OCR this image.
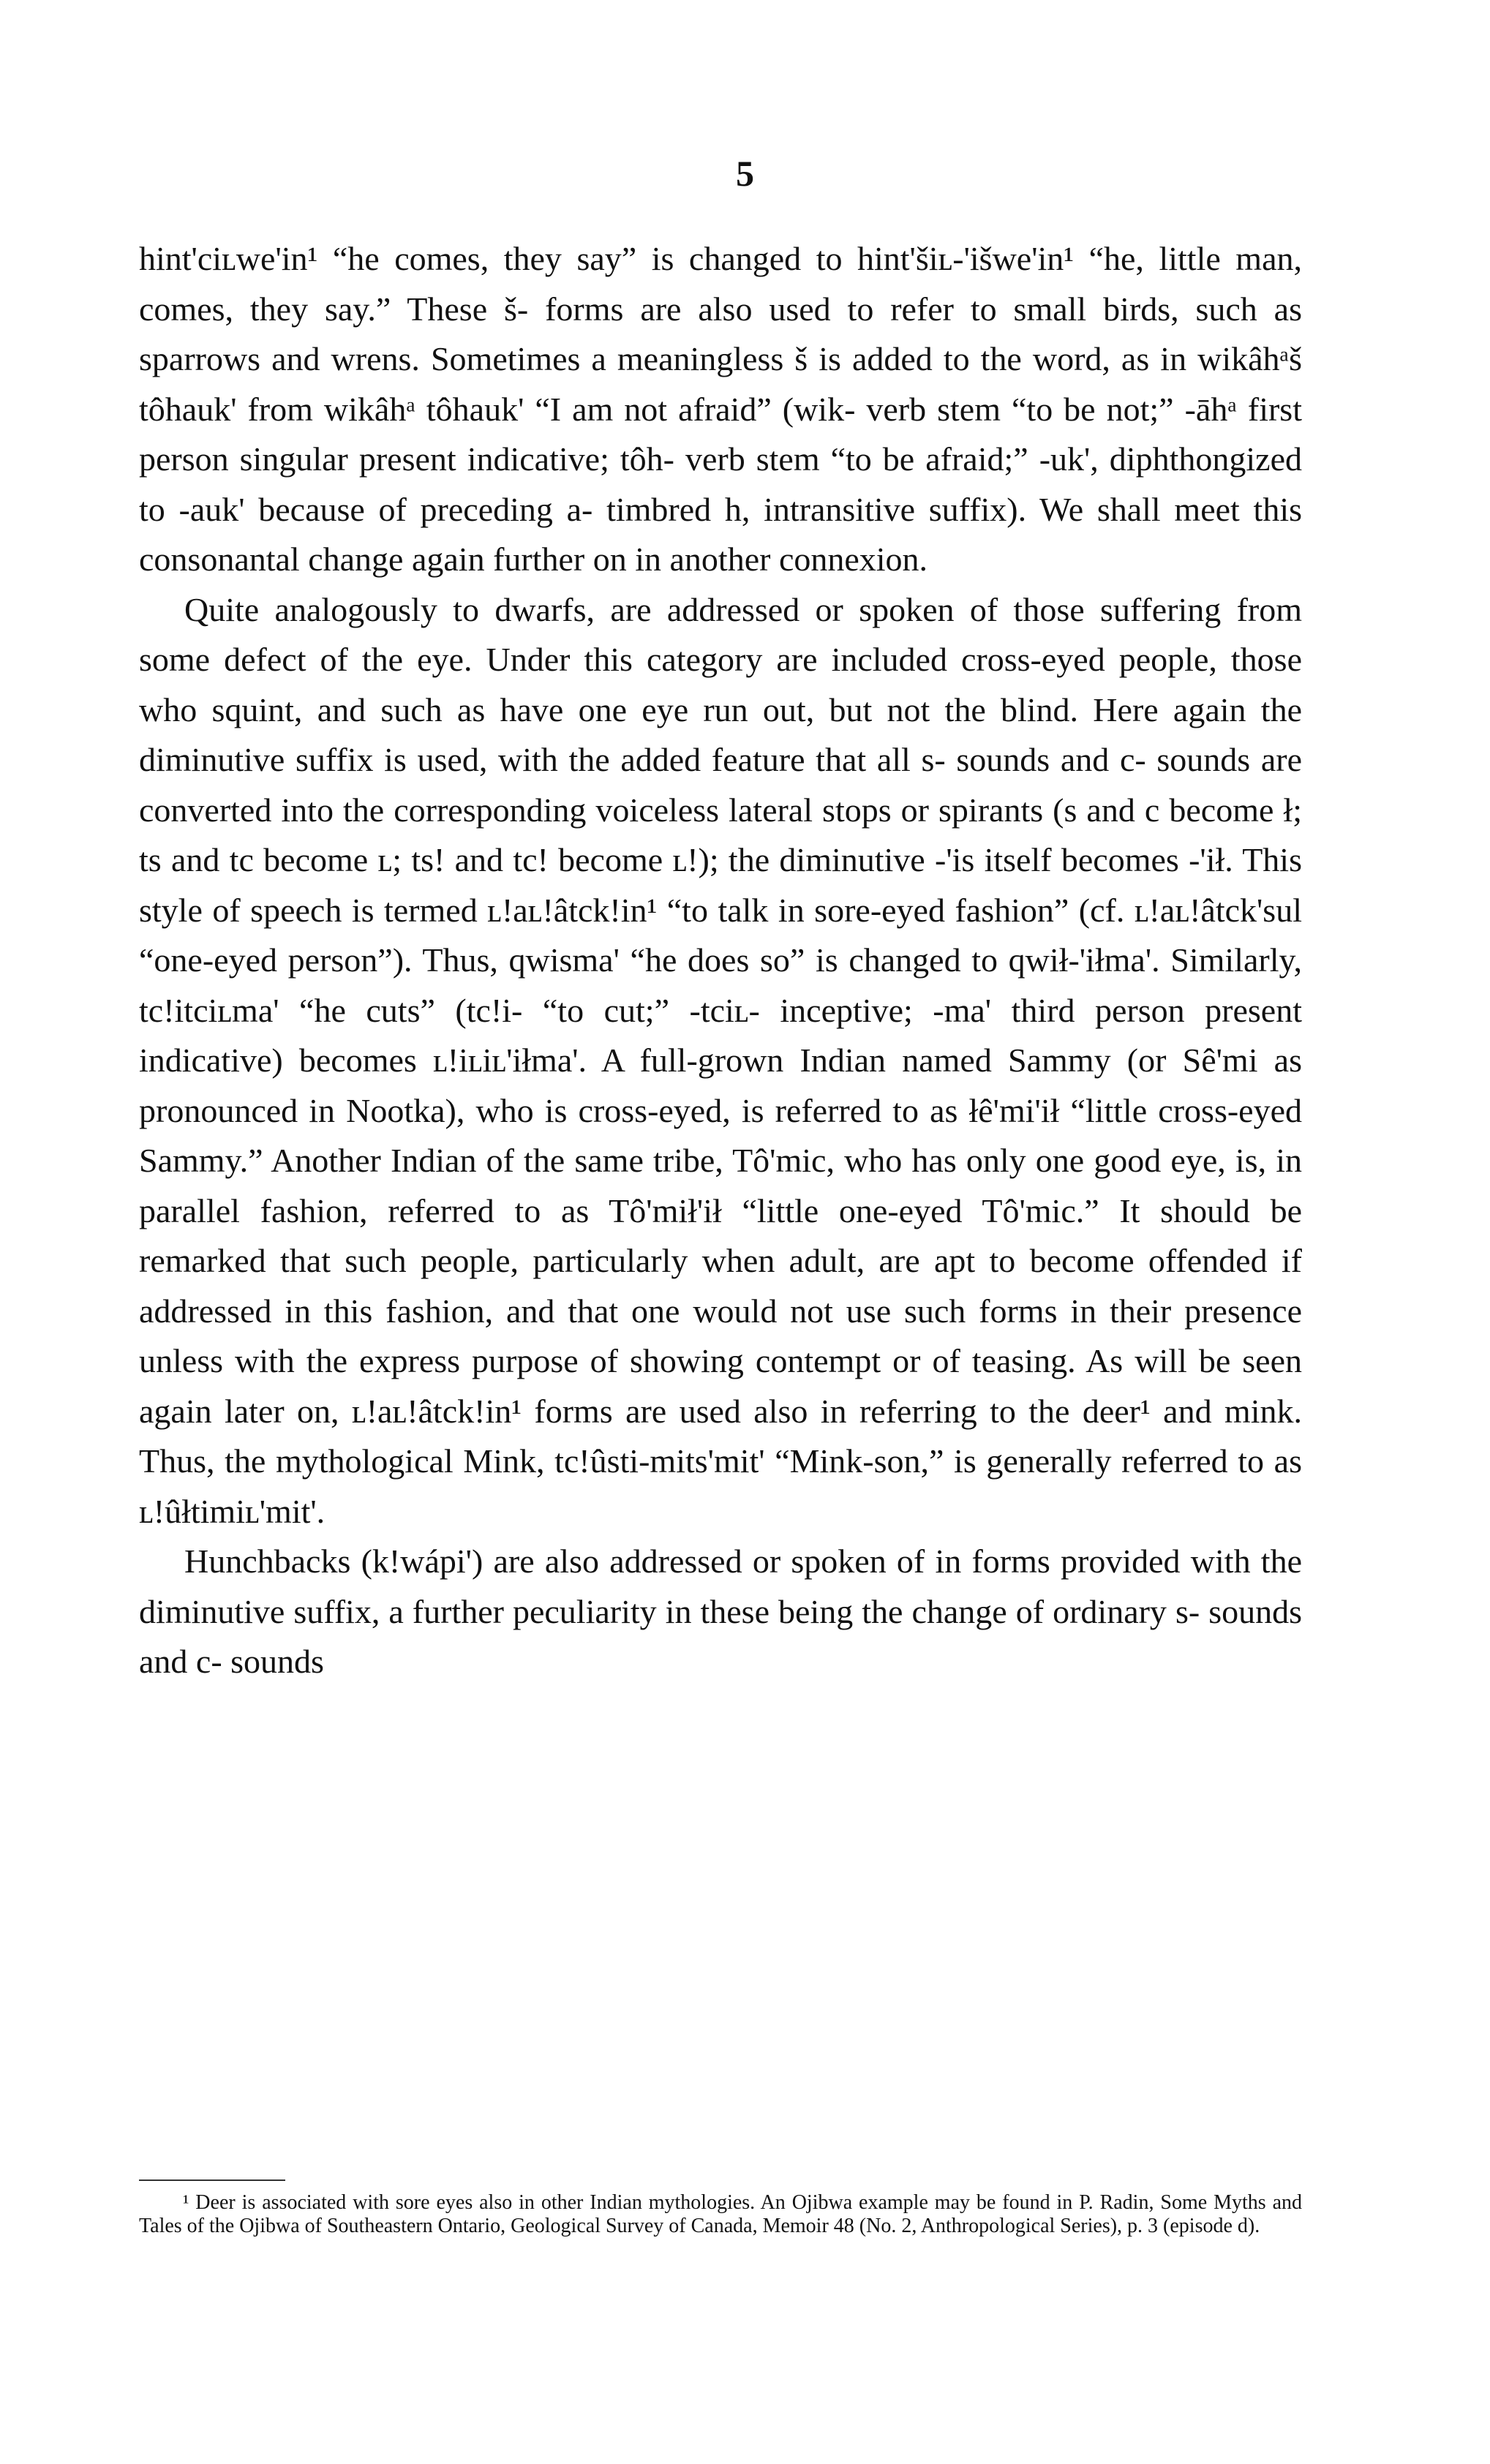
5

hint'ciʟwe'in¹ “he comes, they say” is changed to hint'šiʟ-'išwe'in¹ “he, little man, comes, they say.” These š- forms are also used to refer to small birds, such as sparrows and wrens. Sometimes a meaningless š is added to the word, as in wikâhᵃš tôhauk' from wikâhᵃ tôhauk' “I am not afraid” (wik- verb stem “to be not;” -āhᵃ first person singular present indicative; tôh- verb stem “to be afraid;” -uk', diphthongized to -auk' because of preceding a- timbred h, intransitive suffix). We shall meet this consonantal change again further on in another connexion.

Quite analogously to dwarfs, are addressed or spoken of those suffering from some defect of the eye. Under this category are included cross-eyed people, those who squint, and such as have one eye run out, but not the blind. Here again the diminutive suffix is used, with the added feature that all s- sounds and c- sounds are converted into the corresponding voiceless lateral stops or spirants (s and c become ł; ts and tc become ʟ; ts! and tc! become ʟ!); the diminutive -'is itself becomes -'ił. This style of speech is termed ʟ!aʟ!âtck!in¹ “to talk in sore-eyed fashion” (cf. ʟ!aʟ!âtck'sul “one-eyed person”). Thus, qwisma' “he does so” is changed to qwił-'iłma'. Similarly, tc!itciʟma' “he cuts” (tc!i- “to cut;” -tciʟ- inceptive; -ma' third person present indicative) becomes ʟ!iʟiʟ'iłma'. A full-grown Indian named Sammy (or Sê'mi as pronounced in Nootka), who is cross-eyed, is referred to as łê'mi'ił “little cross-eyed Sammy.” Another Indian of the same tribe, Tô'mic, who has only one good eye, is, in parallel fashion, referred to as Tô'mił'ił “little one-eyed Tô'mic.” It should be remarked that such people, particularly when adult, are apt to become offended if addressed in this fashion, and that one would not use such forms in their presence unless with the express purpose of showing contempt or of teasing. As will be seen again later on, ʟ!aʟ!âtck!in¹ forms are used also in referring to the deer¹ and mink. Thus, the mythological Mink, tc!ûsti-mits'mit' “Mink-son,” is generally referred to as ʟ!ûłtimiʟ'mit'.

Hunchbacks (k!wápi') are also addressed or spoken of in forms provided with the diminutive suffix, a further peculiarity in these being the change of ordinary s- sounds and c- sounds

¹ Deer is associated with sore eyes also in other Indian mythologies. An Ojibwa example may be found in P. Radin, Some Myths and Tales of the Ojibwa of Southeastern Ontario, Geological Survey of Canada, Memoir 48 (No. 2, Anthropological Series), p. 3 (episode d).
